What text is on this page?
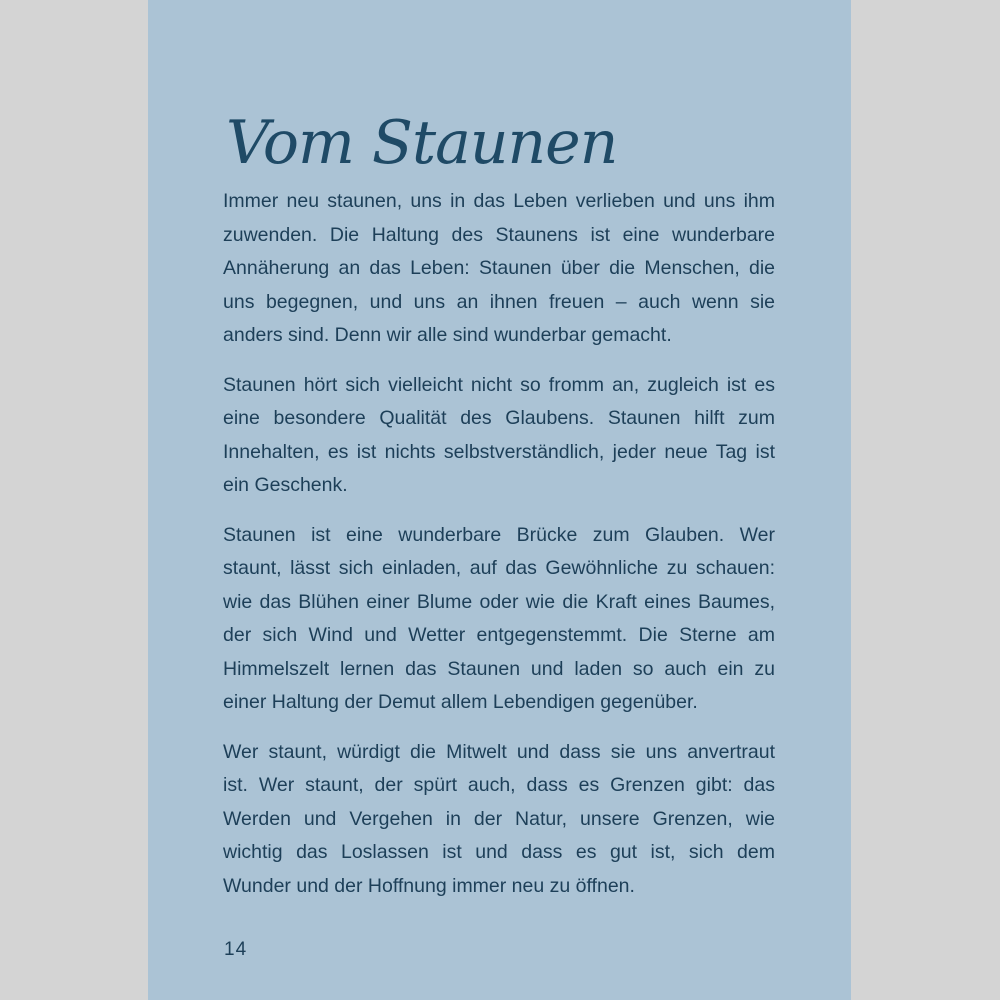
Vom Staunen

Immer neu staunen, uns in das Leben verlieben und uns ihm
zuwenden. Die Haltung des Staunens ist eine wunderbare
Annäherung an das Leben: Staunen über die Menschen, die
uns begegnen, und uns an ihnen freuen – auch wenn sie
anders sind. Denn wir alle sind wunderbar gemacht.

Staunen hört sich vielleicht nicht so fromm an, zugleich ist es
eine besondere Qualität des Glaubens. Staunen hilft zum
Innehalten, es ist nichts selbstverständlich, jeder neue Tag ist
ein Geschenk.

Staunen ist eine wunderbare Brücke zum Glauben. Wer
staunt, lässt sich einladen, auf das Gewöhnliche zu schauen:
wie das Blühen einer Blume oder wie die Kraft eines Baumes,
der sich Wind und Wetter entgegenstemmt. Die Sterne am
Himmelszelt lernen das Staunen und laden so auch ein zu
einer Haltung der Demut allem Lebendigen gegenüber.

Wer staunt, würdigt die Mitwelt und dass sie uns anvertraut
ist. Wer staunt, der spürt auch, dass es Grenzen gibt: das
Werden und Vergehen in der Natur, unsere Grenzen, wie
wichtig das Loslassen ist und dass es gut ist, sich dem
Wunder und der Hoffnung immer neu zu öffnen.

14
